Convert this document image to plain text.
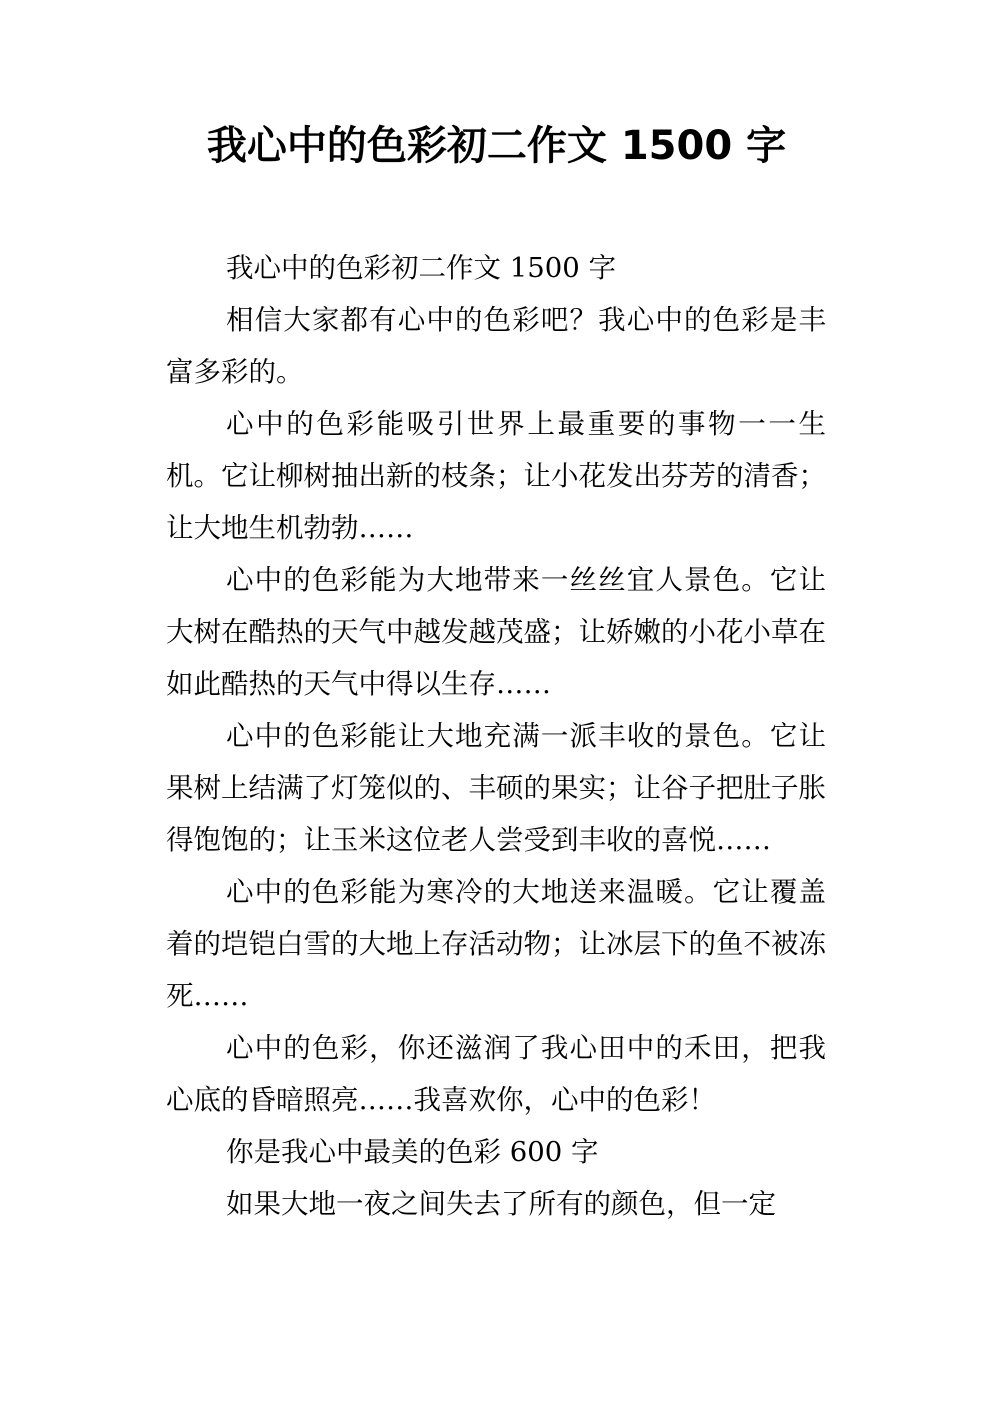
我心中的色彩初二作文 1500 字

我心中的色彩初二作文 1500 字

相信大家都有心中的色彩吧？我心中的色彩是丰富多彩的。

心中的色彩能吸引世界上最重要的事物一一生机。它让柳树抽出新的枝条；让小花发出芬芳的清香；让大地生机勃勃……

心中的色彩能为大地带来一丝丝宜人景色。它让大树在酷热的天气中越发越茂盛；让娇嫩的小花小草在如此酷热的天气中得以生存……

心中的色彩能让大地充满一派丰收的景色。它让果树上结满了灯笼似的、丰硕的果实；让谷子把肚子胀得饱饱的；让玉米这位老人尝受到丰收的喜悦……

心中的色彩能为寒冷的大地送来温暖。它让覆盖着的垲铠白雪的大地上存活动物；让冰层下的鱼不被冻死……

心中的色彩，你还滋润了我心田中的禾田，把我心底的昏暗照亮……我喜欢你，心中的色彩！

你是我心中最美的色彩 600 字

如果大地一夜之间失去了所有的颜色，但一定
